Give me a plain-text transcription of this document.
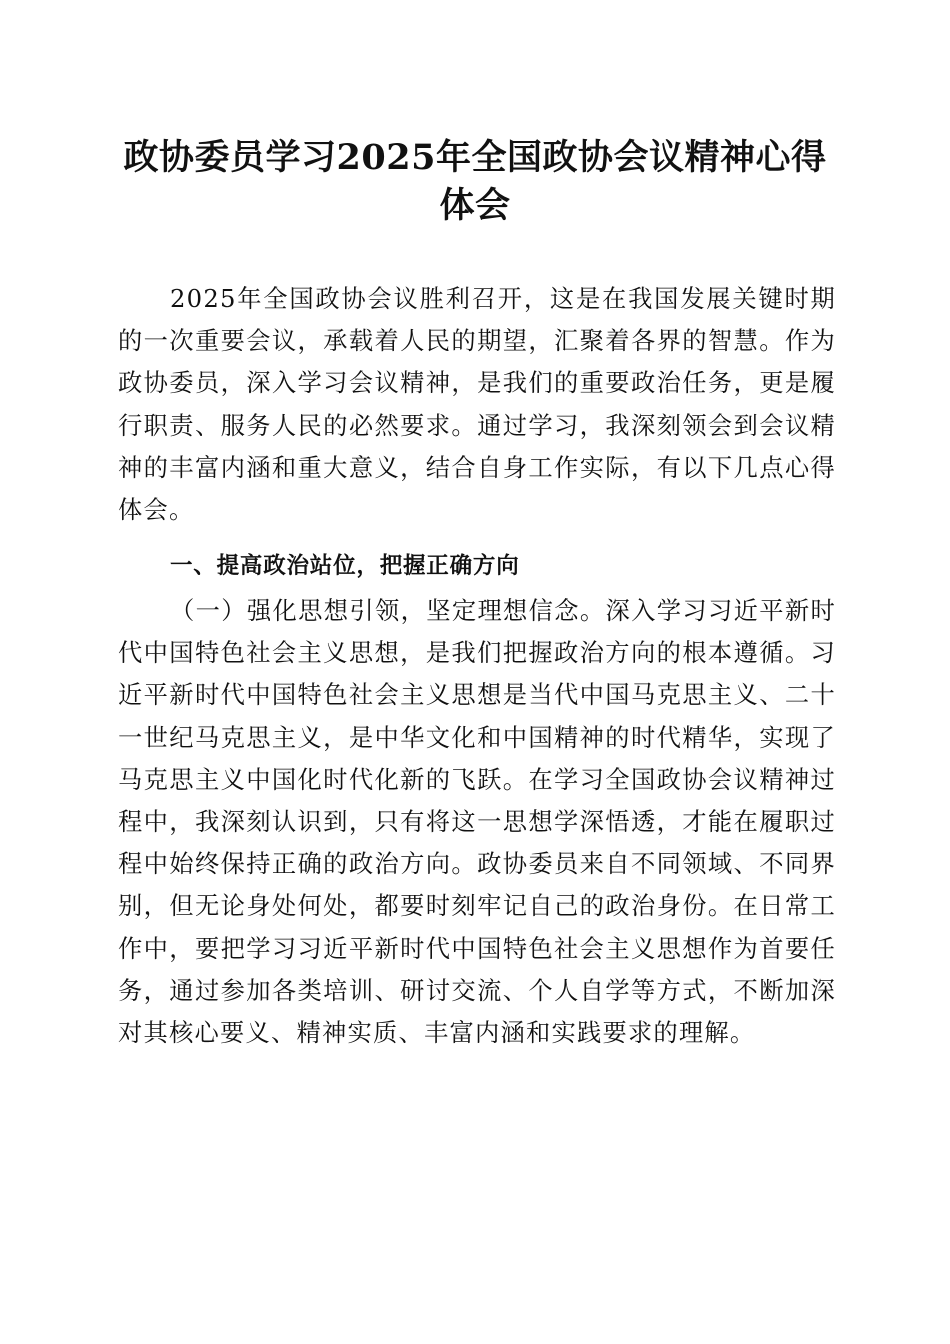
政协委员学习2025年全国政协会议精神心得体会

2025年全国政协会议胜利召开，这是在我国发展关键时期的一次重要会议，承载着人民的期望，汇聚着各界的智慧。作为政协委员，深入学习会议精神，是我们的重要政治任务，更是履行职责、服务人民的必然要求。通过学习，我深刻领会到会议精神的丰富内涵和重大意义，结合自身工作实际，有以下几点心得体会。

一、提高政治站位，把握正确方向

（一）强化思想引领，坚定理想信念。深入学习习近平新时代中国特色社会主义思想，是我们把握政治方向的根本遵循。习近平新时代中国特色社会主义思想是当代中国马克思主义、二十一世纪马克思主义，是中华文化和中国精神的时代精华，实现了马克思主义中国化时代化新的飞跃。在学习全国政协会议精神过程中，我深刻认识到，只有将这一思想学深悟透，才能在履职过程中始终保持正确的政治方向。政协委员来自不同领域、不同界别，但无论身处何处，都要时刻牢记自己的政治身份。在日常工作中，要把学习习近平新时代中国特色社会主义思想作为首要任务，通过参加各类培训、研讨交流、个人自学等方式，不断加深对其核心要义、精神实质、丰富内涵和实践要求的理解。
